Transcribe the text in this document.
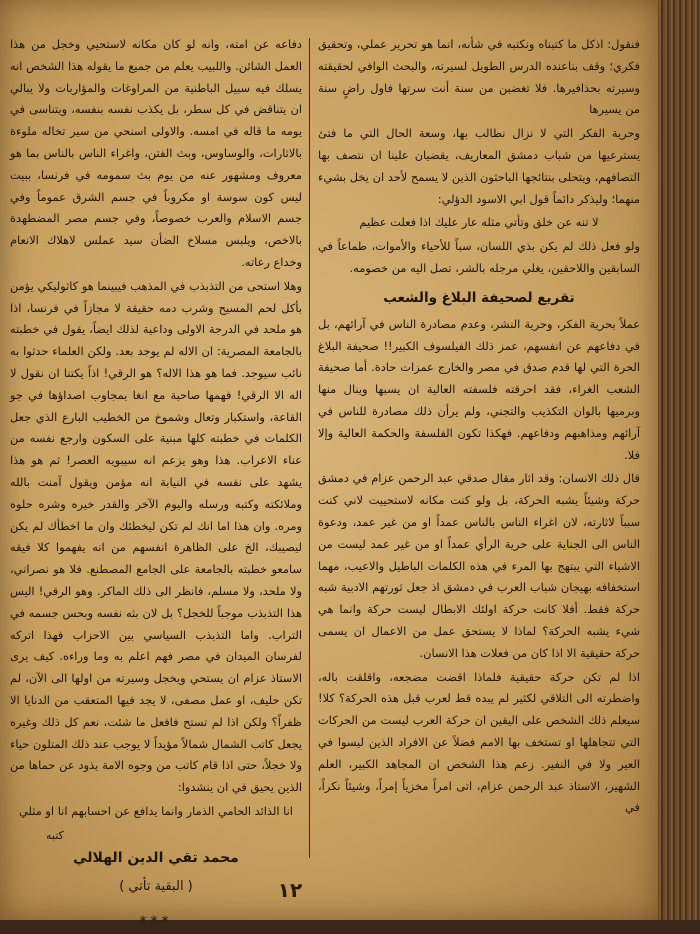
فنقول: اذكل ما كتبناه ونكتبه في شأنه، انما هو تحرير عملي، وتحقيق فكري؛ وقف بناعنده الدرس الطويل لسيرته، والبحث الوافي لحقيقته وسيرته بحذافيرها. فلا تغضبن من سنة أنت سرتها فاول راضٍ سنة من يسيرها

وحرية الفكر التي لا نزال نطالب بها، وسعة الحال التي ما فتئ يسترعيها من شباب دمشق المعاريف، يقضيان علينا ان نتصف بها التصافهم، ويتحلى بنتائجها الباحثون الذين لا يسمح لأحد ان يخل بشيء منهما؛ وليذكر دائماً قول ابي الاسود الدؤلي:

لا تنه عن خلق وتأتي مثله عار عليك اذا فعلت عظيم

ولو فعل ذلك لم يكن بذي اللسان، سباً للأحياء والأموات، طماعاً في السابقين واللاحقين، يغلي مرجله بالشر، تصل اليه من خصومه.

تقريع لصحيفة البلاغ والشعب

عملاً بحرية الفكر، وحرية النشر، وعدم مصادرة الناس في آرائهم، بل في دفاعهم عن انفسهم، عمز ذلك الفيلسوف الكبير!! صحيفة البلاغ الحرة التي لها قدم صدق في مصر والخارج عمزات حادة. أما صحيفة الشعب الغراء، فقد احرقته فلسفته العالية ان يسبها وينال منها وبرميها بالوان التكذيب والتجني، ولم يرأن ذلك مصادرة للناس في آرائهم ومذاهبهم ودفاعهم. فهكذا تكون الفلسفة والحكمة العالية وإلا فلا.

قال ذلك الانسان: وقد اثار مقال صدقي عبد الرحمن عزام في دمشق حركة وشيئاً يشبه الحركة، بل ولو كنت مكانه لاستحييت لاني كنت سبباً لاثارته، لان اغراء الناس بالناس عمداً او من غير عمد، ودعوة الناس الى الجناية على حرية الرأي عمداً او من غير عمد ليست من الاشياء التي يبتهج بها المرء في هذه الكلمات الباطيل والاعيب، مهما استخفافه بهيجان شباب العرب في دمشق اذ جعل ثورتهم الادبية شبه حركة فقط. أفلا كانت حركة اولئك الابطال ليست حركة وانما هي شيء يشبه الحركة؟ لماذا لا يستحق عمل من الاعمال ان يسمى حركة حقيقية الا اذا كان من فعلات هذا الانسان.

اذا لم تكن حركة حقيقية فلماذا اقضت مضجعه، واقلقت باله، واضطرته الى التلاقي لكثير لم يبده قط لعرب قبل هذه الحركة؟ كلا! سيعلم ذلك الشخص على اليقين ان حركة العرب ليست من الحركات التي تتجاهلها او تستخف بها الامم فضلاً عن الافراد الذين ليسوا في العير ولا في النفير. زعم هذا الشخص ان المجاهد الكبير، العلم الشهير، الاستاذ عبد الرحمن عزام، اتى امراً مخزياً إمراً، وشيئاً نكراً، في

دفاعه عن امته، وانه لو كان مكانه لاستحيي وخجل من هذا العمل الشائن. واللبيب يعلم من جميع ما يقوله هذا الشخص انه يسلك فيه سبيل الباطنية من المراوغات والمؤاربات ولا يبالي ان يتناقض في كل سطر، بل يكذب نفسه بنفسه، ويتناسى في يومه ما قاله في امسه. والاولى اسنحي من سير تخاله ملوءة بالاثارات، والوساوس، وبث الفتن، واغراء الناس بالناس بما هو معروف ومشهور عنه من يوم بث سمومه في فرنسا، ببيت ليس كون سوسة او مكروباً في جسم الشرق عموماً وفي جسم الاسلام والعرب خصوصاً، وفي جسم مصر المضطهدة بالاخص، ويلبس مسلاخ الضأن سيد عملس لاهلاك الانعام وخداع رعاته.

وهلا استحى من التذبذب في المذهب فيبينما هو كاثوليكي يؤمن بأكل لحم المسيح وشرب دمه حقيقة لا مجازاً في فرنسا، اذا هو ملحد في الدرجة الاولى وداعية لذلك ايضاً، يقول في خطبته بالجامعة المصرية: ان الاله لم يوجد بعد. ولكن العلماء حدثوا به نائب سيوجد. فما هو هذا الاله؟ هو الرقي! اذاً يكتنا ان نقول لا اله الا الرقي! فهمها صاحبة مع انغا بمجاوب اصداؤها في جو القاعة، واستكبار وتعال وشموخ من الخطيب البارع الذي جعل الكلمات في خطبته كلها مبنية على السكون وارجع نفسه من عناء الاعراب. هذا وهو يزعم انه سيبويه العصر! ثم هو هذا يشهد على نفسه في النيابة انه مؤمن ويقول آمنت بالله وملائكته وكتبه ورسله واليوم الآخر والقدر خيره وشره حلوه ومره. وان هذا اما انك لم تكن ليخطئك وان ما اخطأك لم يكن ليصيبك، الخ على الظاهرة انفسهم من انه يفهموا كلا فيقه سامعو خطبته بالجامعة على الجامع المصطنع. فلا هو نصراني، ولا ملحد، ولا مسلم، فانظر الى ذلك الماكر. وهو الرقي! اليس هذا التذبذب موجباً للخجل؟ بل لان بثه نفسه وبحس جسمه في التراب. واما التذبذب السياسي بين الاحزاب فهذا اتركه لفرسان الميدان في مصر فهم اعلم به وما وراءه. كيف يرى الاستاذ عزام ان يستحي ويخجل وسيرته من اولها الى الآن، لم تكن حليف، او عمل مصفى، لا يجد فيها المتعقب من الدنايا الا ظفراً؟ ولكن اذا لم تستح فافعل ما شئت، نعم كل ذلك وغيره يجعل كاتب الشمال شمالاً مؤيداً لا يوجب عند ذلك المتلون حياء ولا خجلاً، حتى اذا قام كاتب من وجوه الامة يذود عن حماها من الذين يحيق في ان ينشدوا:

انا الذائد الحامي الذمار وانما يدافع عن احسابهم انا او مثلي

كتبه
محمد تقي الدين الهلالي
( البقية تأتي )
***
١٢
